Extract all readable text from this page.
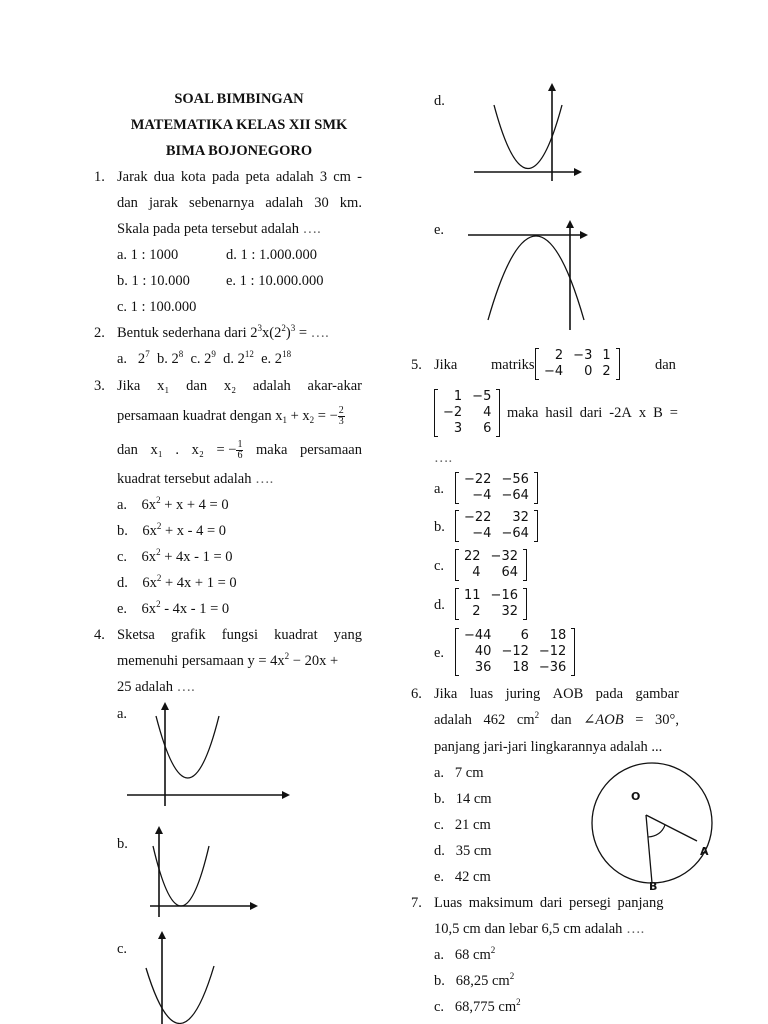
SOAL BIMBINGAN
MATEMATIKA KELAS XII SMK
BIMA BOJONEGORO
1. Jarak dua kota pada peta adalah 3 cm -
dan jarak sebenarnya adalah 30 km.
Skala pada peta tersebut adalah ….
a. 1 : 1000	d. 1 : 1.000.000
b. 1 : 10.000 e. 1 : 10.000.000
c. 1 : 100.000
2. Bentuk sederhana dari $2^3x(2^2)^3$ = ….
a.   $2^7$  b. $2^8$  c. $2^9$  d. $2^{12}$  e. $2^{18}$
3. Jika x₁ dan x₂ adalah akar-akar
persamaan kuadrat dengan $x_1 + x_2$ = − $\frac{2}{3}$
dan x₁ . x₂ = − $\frac{1}{6}$ maka persamaan
kuadrat tersebut adalah ….
a.    $6x^2 + x + 4 = 0$
b.    $6x^2 + x - 4 = 0$
c.    $6x^2 + 4x - 1 = 0$
d.    $6x^2 + 4x + 1 = 0$
e.    $6x^2 - 4x - 1 = 0$
4. Sketsa grafik fungsi kuadrat yang
memenuhi persamaan $y = 4x^2 - 20x$ +
25 adalah ….
a.
b.
c.
d.
e.
5. Jika matriks
2	−3	1
−4	0	2	dan
1	−5
−2	4
3	6
maka hasil dari -2A x B =
….
a.
−22	−56
−4	−64
b.
−22	32
−4	−64
c.
22	−32
4	64
d.
11	−16
2	32
e.
−44	6	18
40	−12	−12
36	18	−36
6. Jika luas juring AOB pada gambar
adalah 462 $cm^2$ dan ∠AOB = 30°,
panjang jari-jari lingkarannya adalah ...
a.   7 cm
b.   14 cm
c.   21 cm
d.   35 cm
e.   42 cm
O
A
B
7. Luas maksimum dari persegi panjang
10,5 cm dan lebar 6,5 cm adalah ….
a.   68 $cm^2$
b.   68,25 $cm^2$
c.   68,775 $cm^2$
